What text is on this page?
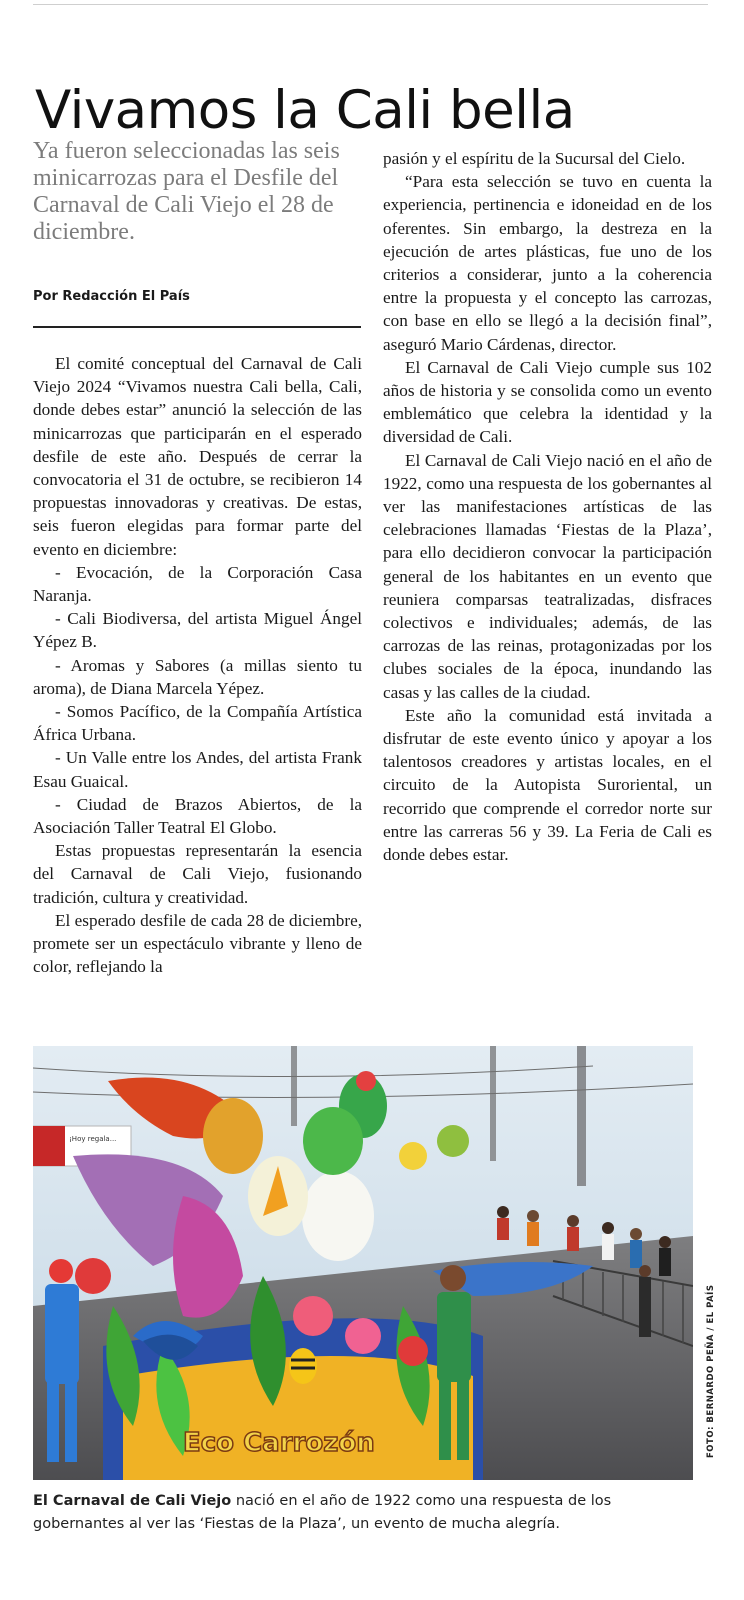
Vivamos la Cali bella
Ya fueron seleccionadas las seis minicarrozas para el Desfile del Carnaval de Cali Viejo el 28 de diciembre.
Por Redacción El País

El comité conceptual del Carnaval de Cali Viejo 2024 “Vivamos nuestra Cali bella, Cali, donde debes estar” anunció la selección de las minicarrozas que participarán en el esperado desfile de este año. Después de cerrar la convocatoria el 31 de octubre, se recibieron 14 propuestas innovadoras y creativas. De estas, seis fueron elegidas para formar parte del evento en diciembre:

- Evocación, de la Corporación Casa Naranja.

- Cali Biodiversa, del artista Miguel Ángel Yépez B.

- Aromas y Sabores (a millas siento tu aroma), de Diana Marcela Yépez.

- Somos Pacífico, de la Compañía Artística África Urbana.

- Un Valle entre los Andes, del artista Frank Esau Guaical.

- Ciudad de Brazos Abiertos, de la Asociación Taller Teatral El Globo.

Estas propuestas representarán la esencia del Carnaval de Cali Viejo, fusionando tradición, cultura y creatividad.

El esperado desfile de cada 28 de diciembre, promete ser un espectáculo vibrante y lleno de color, reflejando la

pasión y el espíritu de la Sucursal del Cielo.

“Para esta selección se tuvo en cuenta la experiencia, pertinencia e idoneidad en de los oferentes. Sin embargo, la destreza en la ejecución de artes plásticas, fue uno de los criterios a considerar, junto a la coherencia entre la propuesta y el concepto las carrozas, con base en ello se llegó a la decisión final”, aseguró Mario Cárdenas, director.

El Carnaval de Cali Viejo cumple sus 102 años de historia y se consolida como un evento emblemático que celebra la identidad y la diversidad de Cali.

El Carnaval de Cali Viejo nació en el año de 1922, como una respuesta de los gobernantes al ver las manifestaciones artísticas de las celebraciones llamadas ‘Fiestas de la Plaza’, para ello decidieron convocar la participación general de los habitantes en un evento que reuniera comparsas teatralizadas, disfraces colectivos e individuales; además, de las carrozas de las reinas, protagonizadas por los clubes sociales de la época, inundando las casas y las calles de la ciudad.

Este año la comunidad está invitada a disfrutar de este evento único y apoyar a los talentosos creadores y artistas locales, en el circuito de la Autopista Suroriental, un recorrido que comprende el corredor norte sur entre las carreras 56 y 39. La Feria de Cali es donde debes estar.

¡Hoy regala...
Eco Carrozón	FOTO: BERNARDO PEÑA / EL PAÍS
El Carnaval de Cali Viejo nació en el año de 1922 como una respuesta de los gobernantes al ver las ‘Fiestas de la Plaza’, un evento de mucha alegría.
